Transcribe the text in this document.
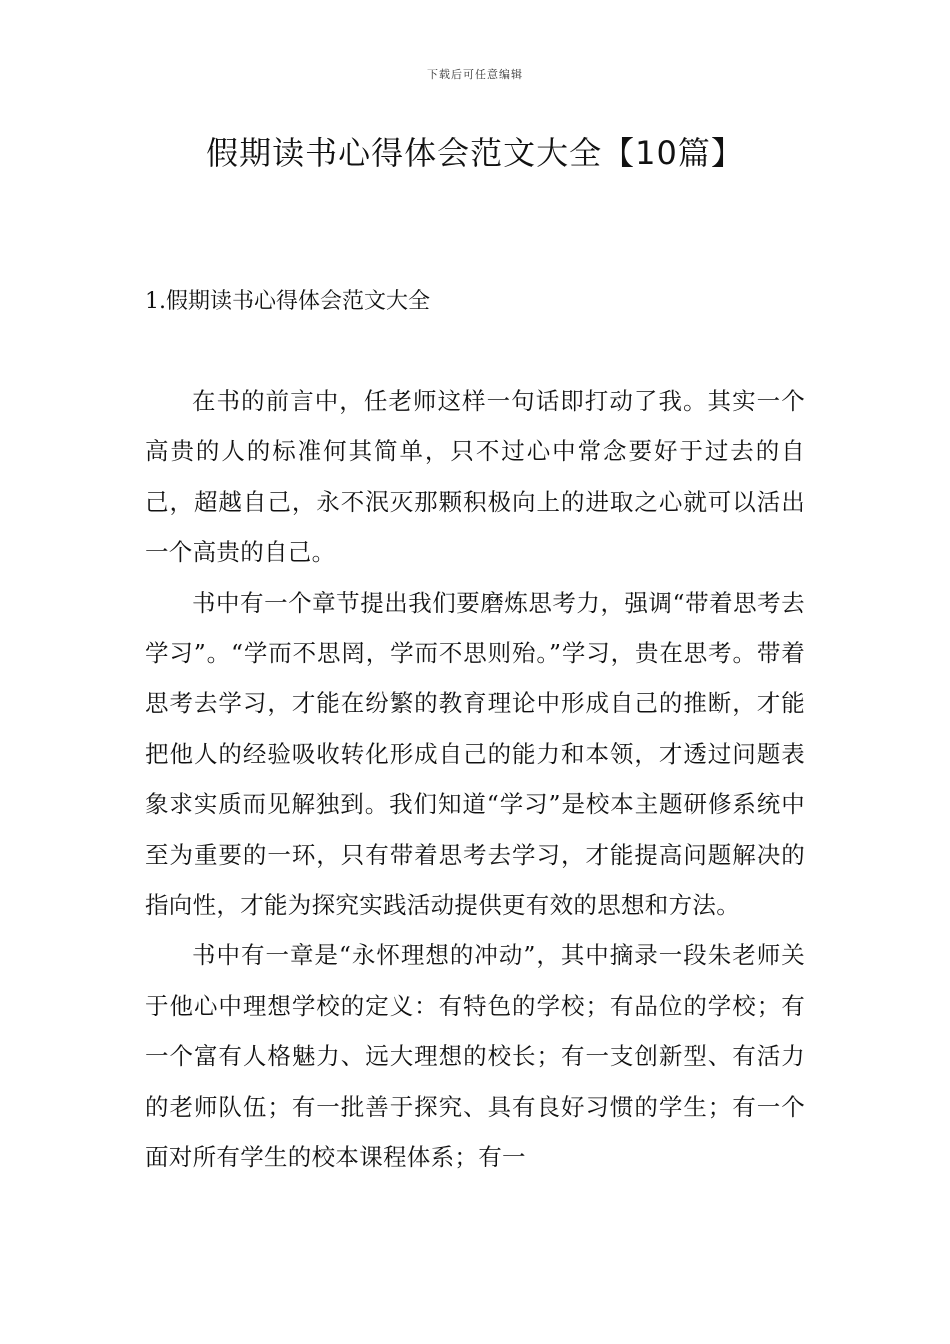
下载后可任意编辑
假期读书心得体会范文大全【10篇】
1.假期读书心得体会范文大全

在书的前言中，任老师这样一句话即打动了我。其实一个高贵的人的标准何其简单，只不过心中常念要好于过去的自己，超越自己，永不泯灭那颗积极向上的进取之心就可以活出一个高贵的自己。

书中有一个章节提出我们要磨炼思考力，强调“带着思考去学习”。“学而不思罔，学而不思则殆。”学习，贵在思考。带着思考去学习，才能在纷繁的教育理论中形成自己的推断，才能把他人的经验吸收转化形成自己的能力和本领，才透过问题表象求实质而见解独到。我们知道“学习”是校本主题研修系统中至为重要的一环，只有带着思考去学习，才能提高问题解决的指向性，才能为探究实践活动提供更有效的思想和方法。

书中有一章是“永怀理想的冲动”，其中摘录一段朱老师关于他心中理想学校的定义：有特色的学校；有品位的学校；有一个富有人格魅力、远大理想的校长；有一支创新型、有活力的老师队伍；有一批善于探究、具有良好习惯的学生；有一个面对所有学生的校本课程体系；有一
